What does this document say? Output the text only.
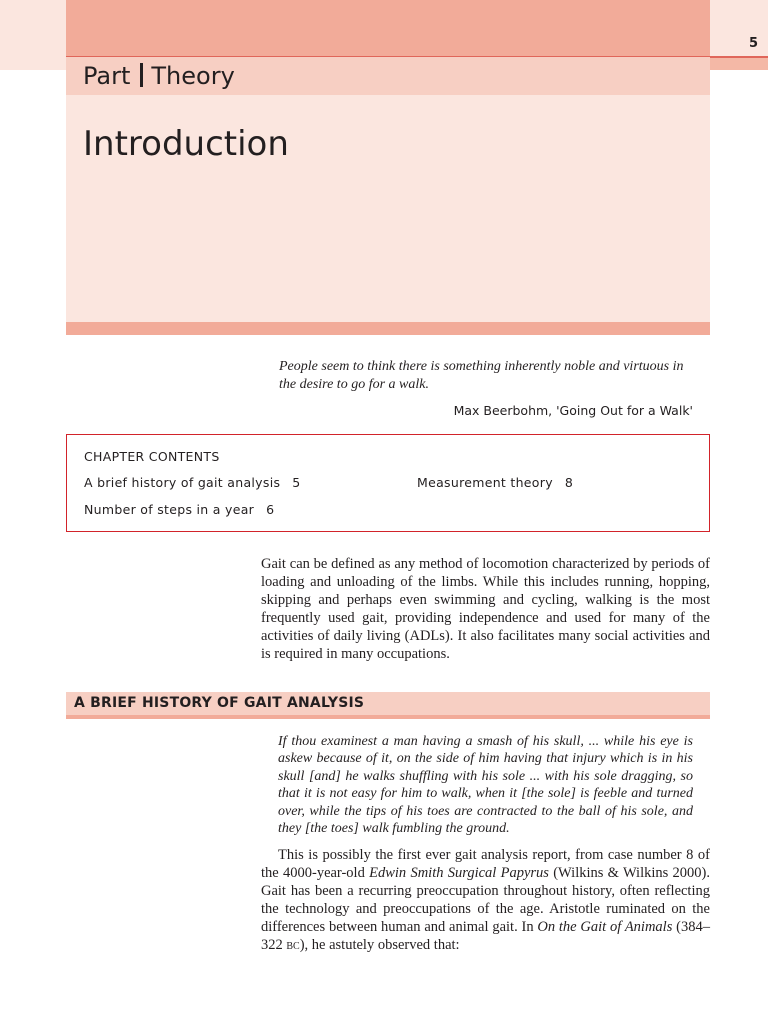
5
Part Theory
Introduction
People seem to think there is something inherently noble and virtuous in the desire to go for a walk.
Max Beerbohm, 'Going Out for a Walk'
CHAPTER CONTENTS
A brief history of gait analysis 5	Measurement theory 8
Number of steps in a year 6
Gait can be defined as any method of locomotion characterized by periods of loading and unloading of the limbs. While this includes running, hopping, skipping and perhaps even swimming and cycling, walking is the most frequently used gait, providing independence and used for many of the activities of daily living (ADLs). It also facilitates many social activities and is required in many occupations.
A BRIEF HISTORY OF GAIT ANALYSIS
If thou examinest a man having a smash of his skull, ... while his eye is askew because of it, on the side of him having that injury which is in his skull [and] he walks shuffling with his sole ... with his sole dragging, so that it is not easy for him to walk, when it [the sole] is feeble and turned over, while the tips of his toes are contracted to the ball of his sole, and they [the toes] walk fumbling the ground.
This is possibly the first ever gait analysis report, from case number 8 of the 4000-year-old Edwin Smith Surgical Papyrus (Wilkins & Wilkins 2000). Gait has been a recurring preoccupation throughout history, often reflecting the technology and preoccupations of the age. Aristotle ruminated on the differences between human and animal gait. In On the Gait of Animals (384–322 BC), he astutely observed that:
